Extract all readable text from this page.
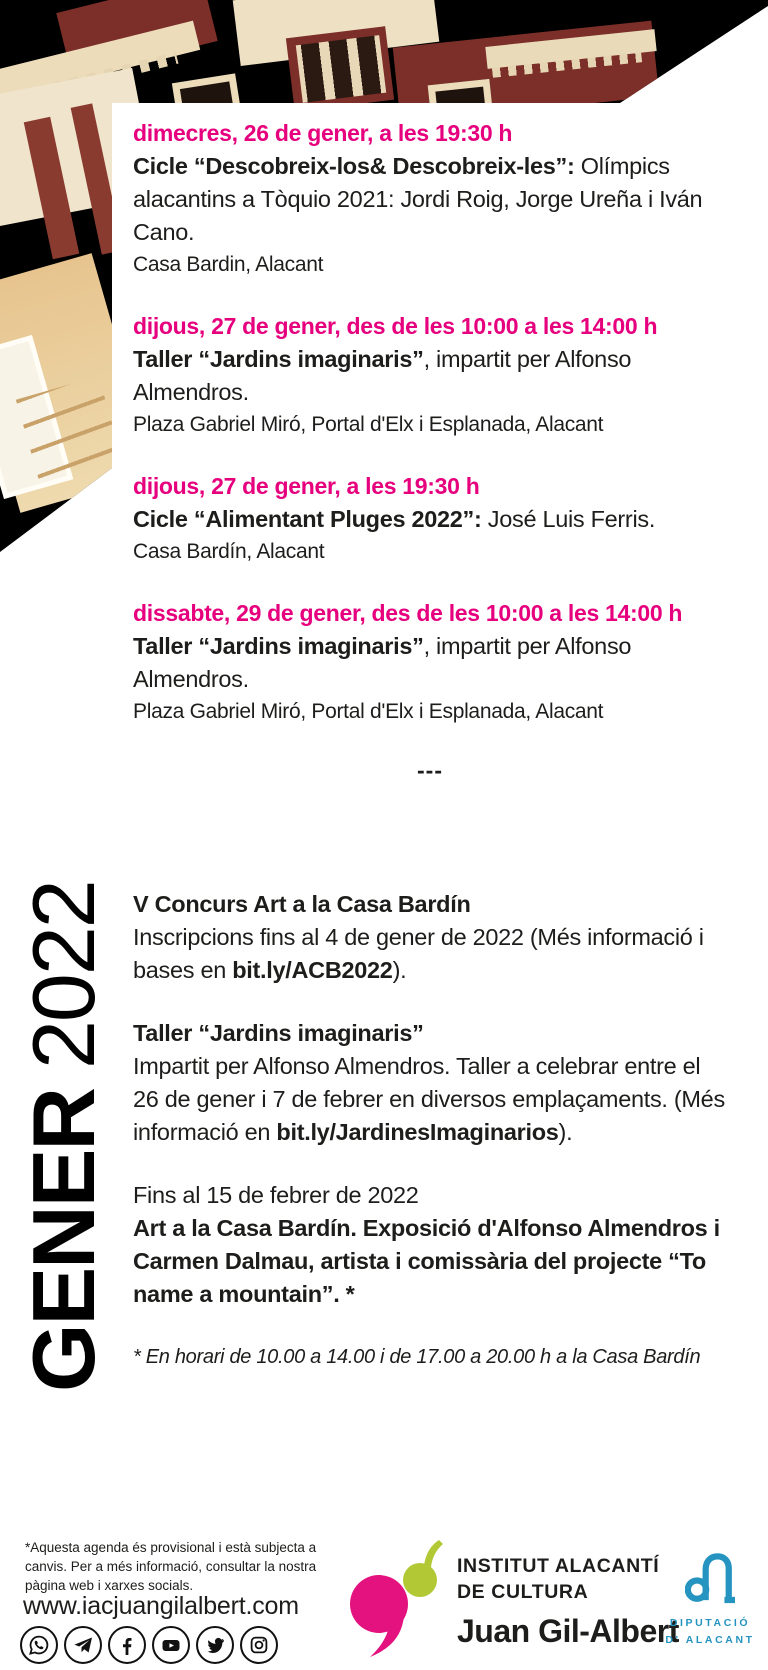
dimecres, 26 de gener, a les 19:30 h
Cicle “Descobreix-los& Descobreix-les”: Olímpics alacantins a Tòquio 2021: Jordi Roig, Jorge Ureña i Iván Cano.
Casa Bardin, Alacant
dijous, 27 de gener, des de les 10:00 a les 14:00 h
Taller “Jardins imaginaris”, impartit per Alfonso Almendros.
Plaza Gabriel Miró, Portal d'Elx i Esplanada, Alacant
dijous, 27 de gener, a les 19:30 h
Cicle “Alimentant Pluges 2022”: José Luis Ferris.
Casa Bardín, Alacant
dissabte, 29 de gener, des de les 10:00 a les 14:00 h
Taller “Jardins imaginaris”, impartit per Alfonso Almendros.
Plaza Gabriel Miró, Portal d'Elx i Esplanada, Alacant
---
GENER2022 V Concurs Art a la Casa Bardín
Inscripcions fins al 4 de gener de 2022 (Més informació i bases en bit.ly/ACB2022).

Taller “Jardins imaginaris”
Impartit per Alfonso Almendros. Taller a celebrar entre el 26 de gener i 7 de febrer en diversos emplaçaments. (Més informació en bit.ly/JardinesImaginarios).

Fins al 15 de febrer de 2022
Art a la Casa Bardín. Exposició d'Alfonso Almendros i Carmen Dalmau, artista i comissària del projecte “To name a mountain”. *

* En horari de 10.00 a 14.00 i de 17.00 a 20.00 h a la Casa Bardín

*Aquesta agenda és provisional i està subjecta a canvis. Per a més informació, consultar la nostra pàgina web i xarxes socials.
www.iacjuangilalbert.com
INSTITUT ALACANTÍ
DE CULTURA
Juan Gil-Albert
DIPUTACIÓ
D' ALACANT
